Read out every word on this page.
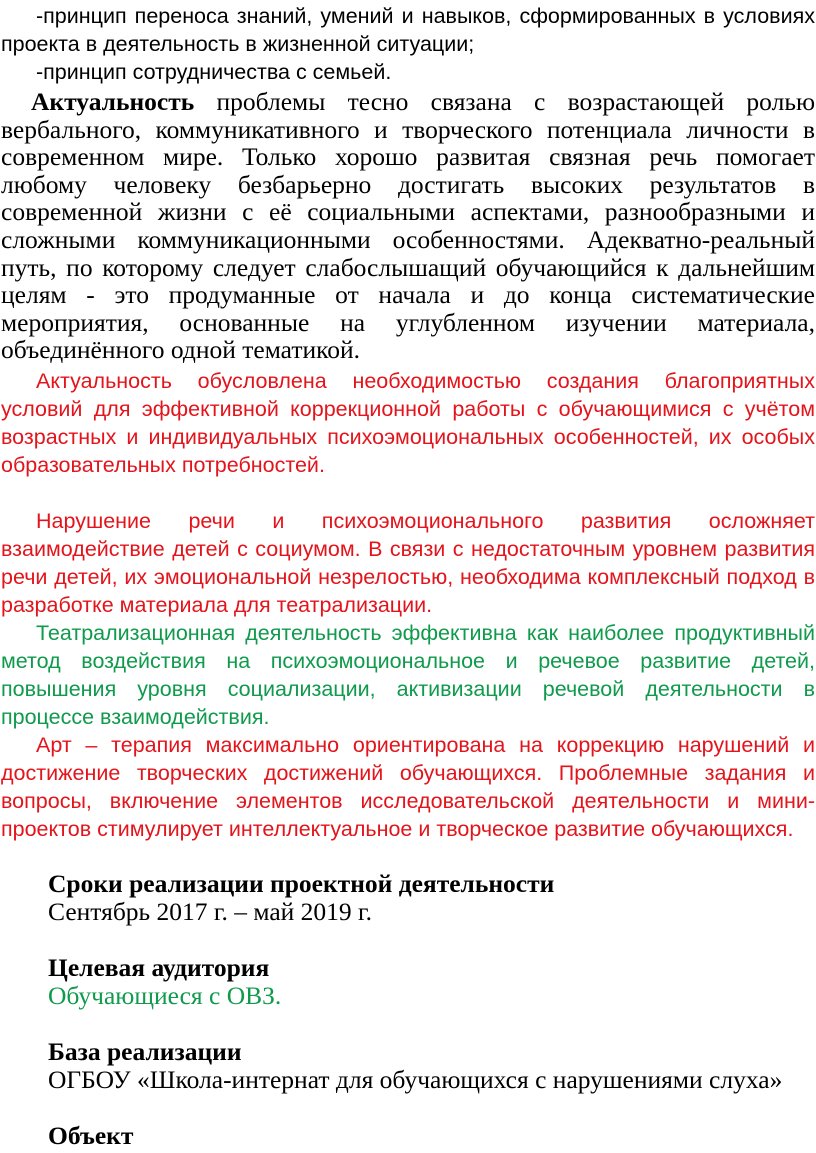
-принцип переноса знаний, умений и навыков, сформированных в условиях проекта в деятельность в жизненной ситуации;

-принцип сотрудничества с семьей.

Актуальность проблемы тесно связана с возрастающей ролью вербального, коммуникативного и творческого потенциала личности в современном мире. Только хорошо развитая связная речь помогает любому человеку безбарьерно достигать высоких результатов в современной жизни с её социальными аспектами, разнообразными и сложными коммуникационными особенностями. Адекватно-реальный путь, по которому следует слабослышащий обучающийся к дальнейшим целям - это продуманные от начала и до конца систематические мероприятия, основанные на углубленном изучении материала, объединённого одной тематикой.

Актуальность обусловлена необходимостью создания благоприятных условий для эффективной коррекционной работы с обучающимися с учётом возрастных и индивидуальных психоэмоциональных особенностей, их особых образовательных потребностей.

Нарушение речи и психоэмоционального развития осложняет взаимодействие детей с социумом. В связи с недостаточным уровнем развития речи детей, их эмоциональной незрелостью, необходима комплексный подход в разработке материала для театрализации.

Театрализационная деятельность эффективна как наиболее продуктивный метод воздействия на психоэмоциональное и речевое развитие детей, повышения уровня социализации, активизации речевой деятельности в процессе взаимодействия.

Арт – терапия максимально ориентирована на коррекцию нарушений и достижение творческих достижений обучающихся. Проблемные задания и вопросы, включение элементов исследовательской деятельности и мини-проектов стимулирует интеллектуальное и творческое развитие обучающихся.

Сроки реализации проектной деятельности
Сентябрь 2017 г. – май 2019 г.
Целевая аудитория
Обучающиеся с ОВЗ.
База реализации
ОГБОУ «Школа-интернат для обучающихся с нарушениями слуха»
Объект
